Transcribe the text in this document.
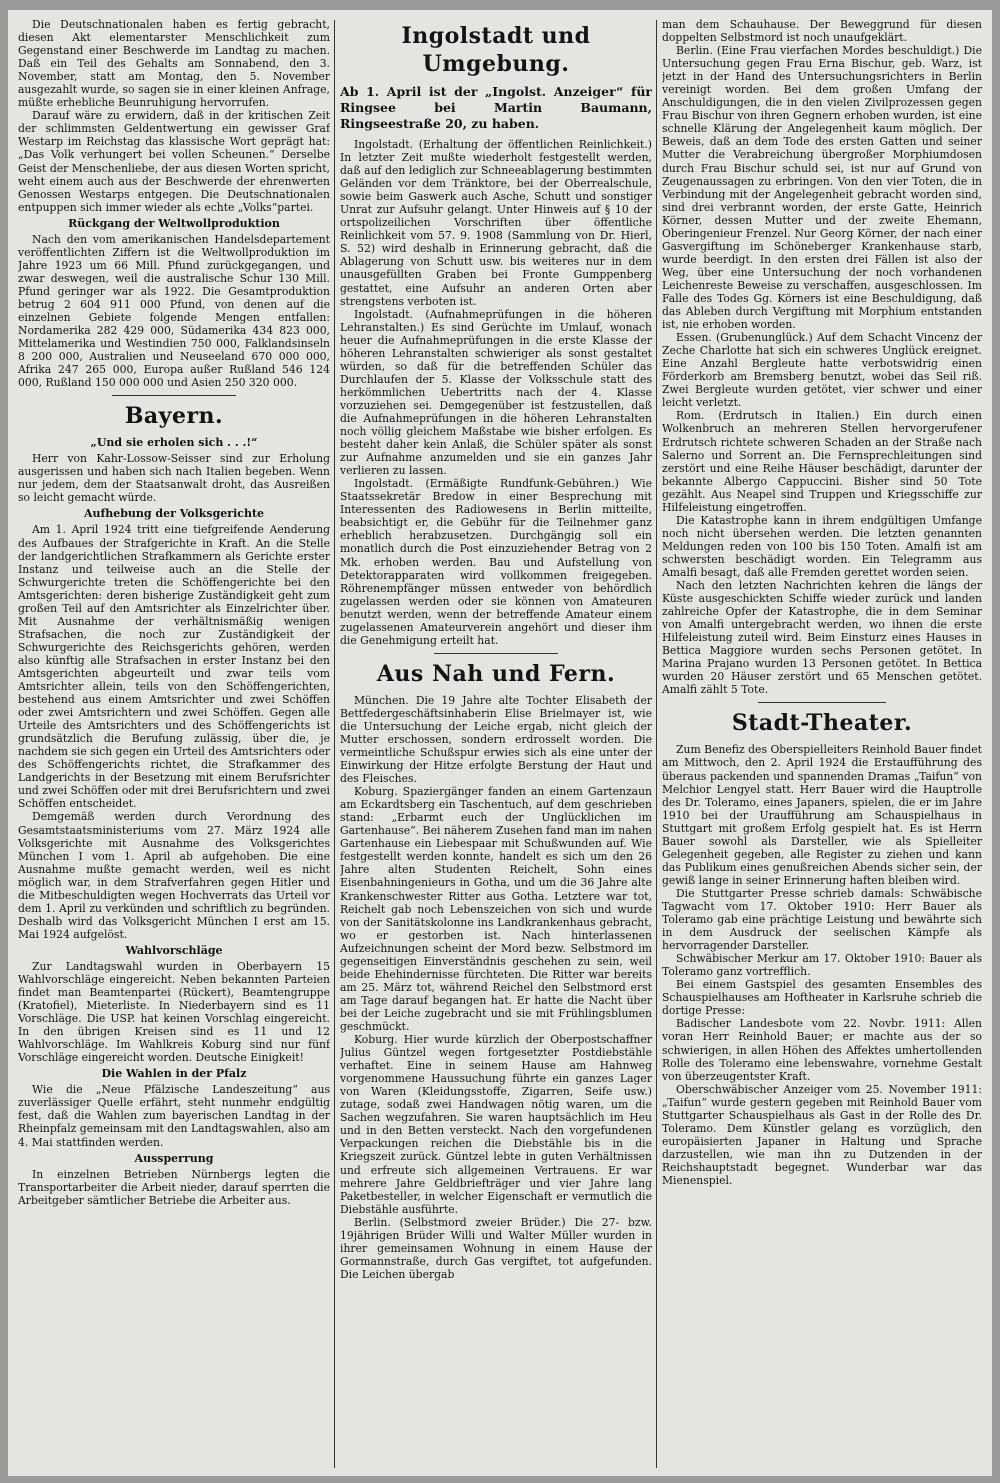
Die Deutschnationalen haben es fertig gebracht, diesen Akt elementarster Menschlichkeit zum Gegenstand einer Beschwerde im Landtag zu machen. Daß ein Teil des Gehalts am Sonnabend, den 3. November, statt am Montag, den 5. November ausgezahlt wurde, so sagen sie in einer kleinen Anfrage, müßte erhebliche Beunruhigung hervorrufen.

Darauf wäre zu erwidern, daß in der kritischen Zeit der schlimmsten Geldentwertung ein gewisser Graf Westarp im Reichstag das klassische Wort geprägt hat: „Das Volk verhungert bei vollen Scheunen.“ Derselbe Geist der Menschenliebe, der aus diesen Worten spricht, weht einem auch aus der Beschwerde der ehrenwerten Genossen Westarps entgegen. Die Deutschnationalen entpuppen sich immer wieder als echte „Volks“partei.

Rückgang der Weltwollproduktion

Nach den vom amerikanischen Handelsdepartement veröffentlichten Ziffern ist die Weltwollproduktion im Jahre 1923 um 66 Mill. Pfund zurückgegangen, und zwar deswegen, weil die australische Schur 130 Mill. Pfund geringer war als 1922. Die Gesamtproduktion betrug 2 604 911 000 Pfund, von denen auf die einzelnen Gebiete folgende Mengen entfallen: Nordamerika 282 429 000, Südamerika 434 823 000, Mittelamerika und Westindien 750 000, Falklandsinseln 8 200 000, Australien und Neuseeland 670 000 000, Afrika 247 265 000, Europa außer Rußland 546 124 000, Rußland 150 000 000 und Asien 250 320 000.

Bayern.
„Und sie erholen sich . . .!“

Herr von Kahr-Lossow-Seisser sind zur Erholung ausgerissen und haben sich nach Italien begeben. Wenn nur jedem, dem der Staatsanwalt droht, das Ausreißen so leicht gemacht würde.

Aufhebung der Volksgerichte

Am 1. April 1924 tritt eine tiefgreifende Aenderung des Aufbaues der Strafgerichte in Kraft. An die Stelle der landgerichtlichen Strafkammern als Gerichte erster Instanz und teilweise auch an die Stelle der Schwurgerichte treten die Schöffengerichte bei den Amtsgerichten: deren bisherige Zuständigkeit geht zum großen Teil auf den Amtsrichter als Einzelrichter über. Mit Ausnahme der verhältnismäßig wenigen Strafsachen, die noch zur Zuständigkeit der Schwurgerichte des Reichsgerichts gehören, werden also künftig alle Strafsachen in erster Instanz bei den Amtsgerichten abgeurteilt und zwar teils vom Amtsrichter allein, teils von den Schöffengerichten, bestehend aus einem Amtsrichter und zwei Schöffen oder zwei Amtsrichtern und zwei Schöffen. Gegen alle Urteile des Amtsrichters und des Schöffengerichts ist grundsätzlich die Berufung zulässig, über die, je nachdem sie sich gegen ein Urteil des Amtsrichters oder des Schöffengerichts richtet, die Strafkammer des Landgerichts in der Besetzung mit einem Berufsrichter und zwei Schöffen oder mit drei Berufsrichtern und zwei Schöffen entscheidet.

Demgemäß werden durch Verordnung des Gesamtstaatsministeriums vom 27. März 1924 alle Volksgerichte mit Ausnahme des Volksgerichtes München I vom 1. April ab aufgehoben. Die eine Ausnahme mußte gemacht werden, weil es nicht möglich war, in dem Strafverfahren gegen Hitler und die Mitbeschuldigten wegen Hochverrats das Urteil vor dem 1. April zu verkünden und schriftlich zu begründen. Deshalb wird das Volksgericht München I erst am 15. Mai 1924 aufgelöst.

Wahlvorschläge

Zur Landtagswahl wurden in Oberbayern 15 Wahlvorschläge eingereicht. Neben bekannten Parteien findet man Beamtenpartei (Rückert), Beamtengruppe (Kratofiel), Mieterliste. In Niederbayern sind es 11 Vorschläge. Die USP. hat keinen Vorschlag eingereicht. In den übrigen Kreisen sind es 11 und 12 Wahlvorschläge. Im Wahlkreis Koburg sind nur fünf Vorschläge eingereicht worden. Deutsche Einigkeit!

Die Wahlen in der Pfalz

Wie die „Neue Pfälzische Landeszeitung“ aus zuverlässiger Quelle erfährt, steht nunmehr endgültig fest, daß die Wahlen zum bayerischen Landtag in der Rheinpfalz gemeinsam mit den Landtagswahlen, also am 4. Mai stattfinden werden.

Aussperrung

In einzelnen Betrieben Nürnbergs legten die Transportarbeiter die Arbeit nieder, darauf sperrten die Arbeitgeber sämtlicher Betriebe die Arbeiter aus.

Ingolstadt und Umgebung.
Ab 1. April ist der „Ingolst. Anzeiger“ für Ringsee bei Martin Baumann, Ringseestraße 20, zu haben.

Ingolstadt. (Erhaltung der öffentlichen Reinlichkeit.) In letzter Zeit mußte wiederholt festgestellt werden, daß auf den lediglich zur Schneeablagerung bestimmten Geländen vor dem Tränktore, bei der Oberrealschule, sowie beim Gaswerk auch Asche, Schutt und sonstiger Unrat zur Aufsuhr gelangt. Unter Hinweis auf § 10 der ortspolizeilichen Vorschriften über öffentliche Reinlichkeit vom 57. 9. 1908 (Sammlung von Dr. Hierl, S. 52) wird deshalb in Erinnerung gebracht, daß die Ablagerung von Schutt usw. bis weiteres nur in dem unausgefüllten Graben bei Fronte Gumppenberg gestattet, eine Aufsuhr an anderen Orten aber strengstens verboten ist.

Ingolstadt. (Aufnahmeprüfungen in die höheren Lehranstalten.) Es sind Gerüchte im Umlauf, wonach heuer die Aufnahmeprüfungen in die erste Klasse der höheren Lehranstalten schwieriger als sonst gestaltet würden, so daß für die betreffenden Schüler das Durchlaufen der 5. Klasse der Volksschule statt des herkömmlichen Uebertritts nach der 4. Klasse vorzuziehen sei. Demgegenüber ist festzustellen, daß die Aufnahmeprüfungen in die höheren Lehranstalten noch völlig gleichem Maßstabe wie bisher erfolgen. Es besteht daher kein Anlaß, die Schüler später als sonst zur Aufnahme anzumelden und sie ein ganzes Jahr verlieren zu lassen.

Ingolstadt. (Ermäßigte Rundfunk-Gebühren.) Wie Staatssekretär Bredow in einer Besprechung mit Interessenten des Radiowesens in Berlin mitteilte, beabsichtigt er, die Gebühr für die Teilnehmer ganz erheblich herabzusetzen. Durchgängig soll ein monatlich durch die Post einzuziehender Betrag von 2 Mk. erhoben werden. Bau und Aufstellung von Detektorapparaten wird vollkommen freigegeben. Röhrenempfänger müssen entweder von behördlich zugelassen werden oder sie können von Amateuren benutzt werden, wenn der betreffende Amateur einem zugelassenen Amateurverein angehört und dieser ihm die Genehmigung erteilt hat.

Aus Nah und Fern.

München. Die 19 Jahre alte Tochter Elisabeth der Bettfedergeschäftsinhaberin Elise Brielmayer ist, wie die Untersuchung der Leiche ergab, nicht gleich der Mutter erschossen, sondern erdrosselt worden. Die vermeintliche Schußspur erwies sich als eine unter der Einwirkung der Hitze erfolgte Berstung der Haut und des Fleisches.

Koburg. Spaziergänger fanden an einem Gartenzaun am Eckardtsberg ein Taschentuch, auf dem geschrieben stand: „Erbarmt euch der Unglücklichen im Gartenhause“. Bei näherem Zusehen fand man im nahen Gartenhause ein Liebespaar mit Schußwunden auf. Wie festgestellt werden konnte, handelt es sich um den 26 Jahre alten Studenten Reichelt, Sohn eines Eisenbahningenieurs in Gotha, und um die 36 Jahre alte Krankenschwester Ritter aus Gotha. Letztere war tot, Reichelt gab noch Lebenszeichen von sich und wurde von der Sanitätskolonne ins Landkrankenhaus gebracht, wo er gestorben ist. Nach hinterlassenen Aufzeichnungen scheint der Mord bezw. Selbstmord im gegenseitigen Einverständnis geschehen zu sein, weil beide Ehehindernisse fürchteten. Die Ritter war bereits am 25. März tot, während Reichel den Selbstmord erst am Tage darauf begangen hat. Er hatte die Nacht über bei der Leiche zugebracht und sie mit Frühlingsblumen geschmückt.

Koburg. Hier wurde kürzlich der Oberpostschaffner Julius Güntzel wegen fortgesetzter Postdiebstähle verhaftet. Eine in seinem Hause am Hahnweg vorgenommene Haussuchung führte ein ganzes Lager von Waren (Kleidungsstoffe, Zigarren, Seife usw.) zutage, sodaß zwei Handwagen nötig waren, um die Sachen wegzufahren. Sie waren hauptsächlich im Heu und in den Betten versteckt. Nach den vorgefundenen Verpackungen reichen die Diebstähle bis in die Kriegszeit zurück. Güntzel lebte in guten Verhältnissen und erfreute sich allgemeinen Vertrauens. Er war mehrere Jahre Geldbriefträger und vier Jahre lang Paketbesteller, in welcher Eigenschaft er vermutlich die Diebstähle ausführte.

Berlin. (Selbstmord zweier Brüder.) Die 27- bzw. 19jährigen Brüder Willi und Walter Müller wurden in ihrer gemeinsamen Wohnung in einem Hause der Gormannstraße, durch Gas vergiftet, tot aufgefunden. Die Leichen übergab

man dem Schauhause. Der Beweggrund für diesen doppelten Selbstmord ist noch unaufgeklärt.

Berlin. (Eine Frau vierfachen Mordes beschuldigt.) Die Untersuchung gegen Frau Erna Bischur, geb. Warz, ist jetzt in der Hand des Untersuchungsrichters in Berlin vereinigt worden. Bei dem großen Umfang der Anschuldigungen, die in den vielen Zivilprozessen gegen Frau Bischur von ihren Gegnern erhoben wurden, ist eine schnelle Klärung der Angelegenheit kaum möglich. Der Beweis, daß an dem Tode des ersten Gatten und seiner Mutter die Verabreichung übergroßer Morphiumdosen durch Frau Bischur schuld sei, ist nur auf Grund von Zeugenaussagen zu erbringen. Von den vier Toten, die in Verbindung mit der Angelegenheit gebracht worden sind, sind drei verbrannt worden, der erste Gatte, Heinrich Körner, dessen Mutter und der zweite Ehemann, Oberingenieur Frenzel. Nur Georg Körner, der nach einer Gasvergiftung im Schöneberger Krankenhause starb, wurde beerdigt. In den ersten drei Fällen ist also der Weg, über eine Untersuchung der noch vorhandenen Leichenreste Beweise zu verschaffen, ausgeschlossen. Im Falle des Todes Gg. Körners ist eine Beschuldigung, daß das Ableben durch Vergiftung mit Morphium entstanden ist, nie erhoben worden.

Essen. (Grubenunglück.) Auf dem Schacht Vincenz der Zeche Charlotte hat sich ein schweres Unglück ereignet. Eine Anzahl Bergleute hatte verbotswidrig einen Förderkorb am Bremsberg benutzt, wobei das Seil riß. Zwei Bergleute wurden getötet, vier schwer und einer leicht verletzt.

Rom. (Erdrutsch in Italien.) Ein durch einen Wolkenbruch an mehreren Stellen hervorgerufener Erdrutsch richtete schweren Schaden an der Straße nach Salerno und Sorrent an. Die Fernsprechleitungen sind zerstört und eine Reihe Häuser beschädigt, darunter der bekannte Albergo Cappuccini. Bisher sind 50 Tote gezählt. Aus Neapel sind Truppen und Kriegsschiffe zur Hilfeleistung eingetroffen.

Die Katastrophe kann in ihrem endgültigen Umfange noch nicht übersehen werden. Die letzten genannten Meldungen reden von 100 bis 150 Toten. Amalfi ist am schwersten beschädigt worden. Ein Telegramm aus Amalfi besagt, daß alle Fremden gerettet worden seien.

Nach den letzten Nachrichten kehren die längs der Küste ausgeschickten Schiffe wieder zurück und landen zahlreiche Opfer der Katastrophe, die in dem Seminar von Amalfi untergebracht werden, wo ihnen die erste Hilfeleistung zuteil wird. Beim Einsturz eines Hauses in Bettica Maggiore wurden sechs Personen getötet. In Marina Prajano wurden 13 Personen getötet. In Bettica wurden 20 Häuser zerstört und 65 Menschen getötet. Amalfi zählt 5 Tote.

Stadt-Theater.

Zum Benefiz des Oberspielleiters Reinhold Bauer findet am Mittwoch, den 2. April 1924 die Erstaufführung des überaus packenden und spannenden Dramas „Taifun“ von Melchior Lengyel statt. Herr Bauer wird die Hauptrolle des Dr. Toleramo, eines Japaners, spielen, die er im Jahre 1910 bei der Uraufführung am Schauspielhaus in Stuttgart mit großem Erfolg gespielt hat. Es ist Herrn Bauer sowohl als Darsteller, wie als Spielleiter Gelegenheit gegeben, alle Register zu ziehen und kann das Publikum eines genußreichen Abends sicher sein, der gewiß lange in seiner Erinnerung haften bleiben wird.

Die Stuttgarter Presse schrieb damals: Schwäbische Tagwacht vom 17. Oktober 1910: Herr Bauer als Toleramo gab eine prächtige Leistung und bewährte sich in dem Ausdruck der seelischen Kämpfe als hervorragender Darsteller.

Schwäbischer Merkur am 17. Oktober 1910: Bauer als Toleramo ganz vortrefflich.

Bei einem Gastspiel des gesamten Ensembles des Schauspielhauses am Hoftheater in Karlsruhe schrieb die dortige Presse:

Badischer Landesbote vom 22. Novbr. 1911: Allen voran Herr Reinhold Bauer; er machte aus der so schwierigen, in allen Höhen des Affektes umhertollenden Rolle des Toleramo eine lebenswahre, vornehme Gestalt von überzeugentster Kraft.

Oberschwäbischer Anzeiger vom 25. November 1911: „Taifun“ wurde gestern gegeben mit Reinhold Bauer vom Stuttgarter Schauspielhaus als Gast in der Rolle des Dr. Toleramo. Dem Künstler gelang es vorzüglich, den europäisierten Japaner in Haltung und Sprache darzustellen, wie man ihn zu Dutzenden in der Reichshauptstadt begegnet. Wunderbar war das Mienenspiel.
